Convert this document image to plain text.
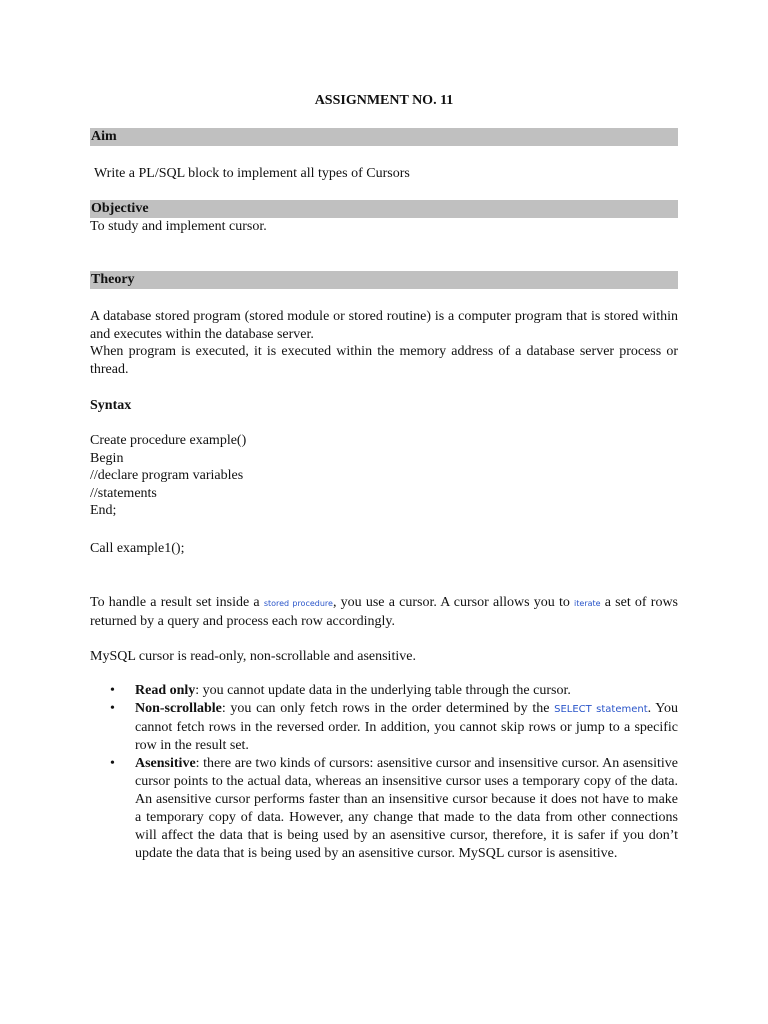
ASSIGNMENT NO. 11
Aim
Write a PL/SQL block to implement all types of Cursors
Objective
To study and implement cursor.
Theory
A database stored program (stored module or stored routine) is a computer program that is stored within and executes within the database server.
When program is executed, it is executed within the memory address of a database server process or thread.
Syntax
Create procedure example()
Begin
//declare program variables
//statements
End;
Call example1();
To handle a result set inside a stored procedure, you use a cursor. A cursor allows you to iterate a set of rows returned by a query and process each row accordingly.
MySQL cursor is read-only, non-scrollable and asensitive.
• Read only: you cannot update data in the underlying table through the cursor.
• Non-scrollable: you can only fetch rows in the order determined by the SELECT statement. You cannot fetch rows in the reversed order. In addition, you cannot skip rows or jump to a specific row in the result set.
• Asensitive: there are two kinds of cursors: asensitive cursor and insensitive cursor. An asensitive cursor points to the actual data, whereas an insensitive cursor uses a temporary copy of the data. An asensitive cursor performs faster than an insensitive cursor because it does not have to make a temporary copy of data. However, any change that made to the data from other connections will affect the data that is being used by an asensitive cursor, therefore, it is safer if you don’t update the data that is being used by an asensitive cursor. MySQL cursor is asensitive.
